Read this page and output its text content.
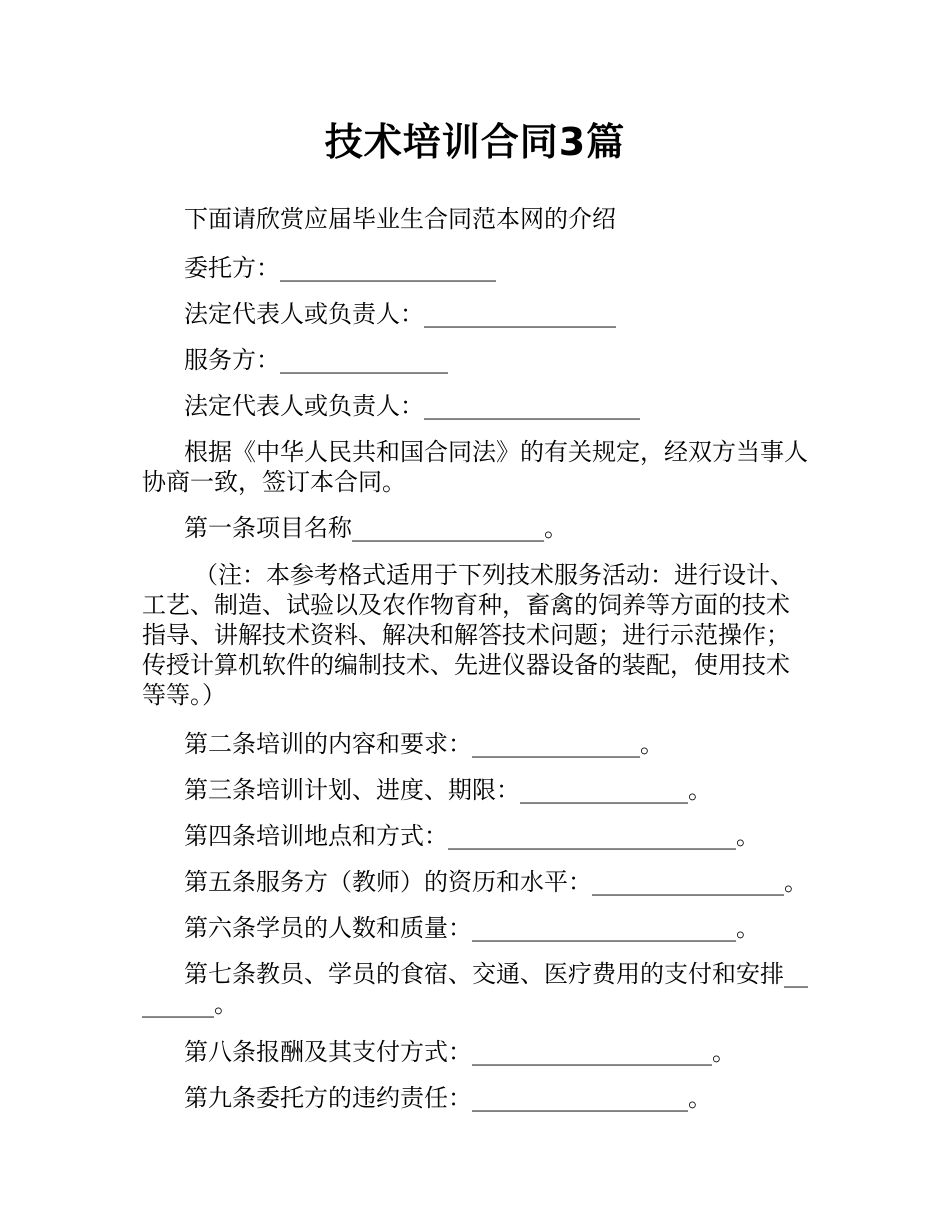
技术培训合同3篇
下面请欣赏应届毕业生合同范本网的介绍
委托方：__________________
法定代表人或负责人：________________
服务方：______________
法定代表人或负责人：__________________
根据《中华人民共和国合同法》的有关规定，经双方当事人协商一致，签订本合同。
第一条项目名称________________。
（注：本参考格式适用于下列技术服务活动：进行设计、工艺、制造、试验以及农作物育种，畜禽的饲养等方面的技术指导、讲解技术资料、解决和解答技术问题；进行示范操作；传授计算机软件的编制技术、先进仪器设备的装配，使用技术等等。）
第二条培训的内容和要求：______________。
第三条培训计划、进度、期限：______________。
第四条培训地点和方式：________________________。
第五条服务方（教师）的资历和水平：________________。
第六条学员的人数和质量：______________________。
第七条教员、学员的食宿、交通、医疗费用的支付和安排________。
第八条报酬及其支付方式：____________________。
第九条委托方的违约责任：__________________。
